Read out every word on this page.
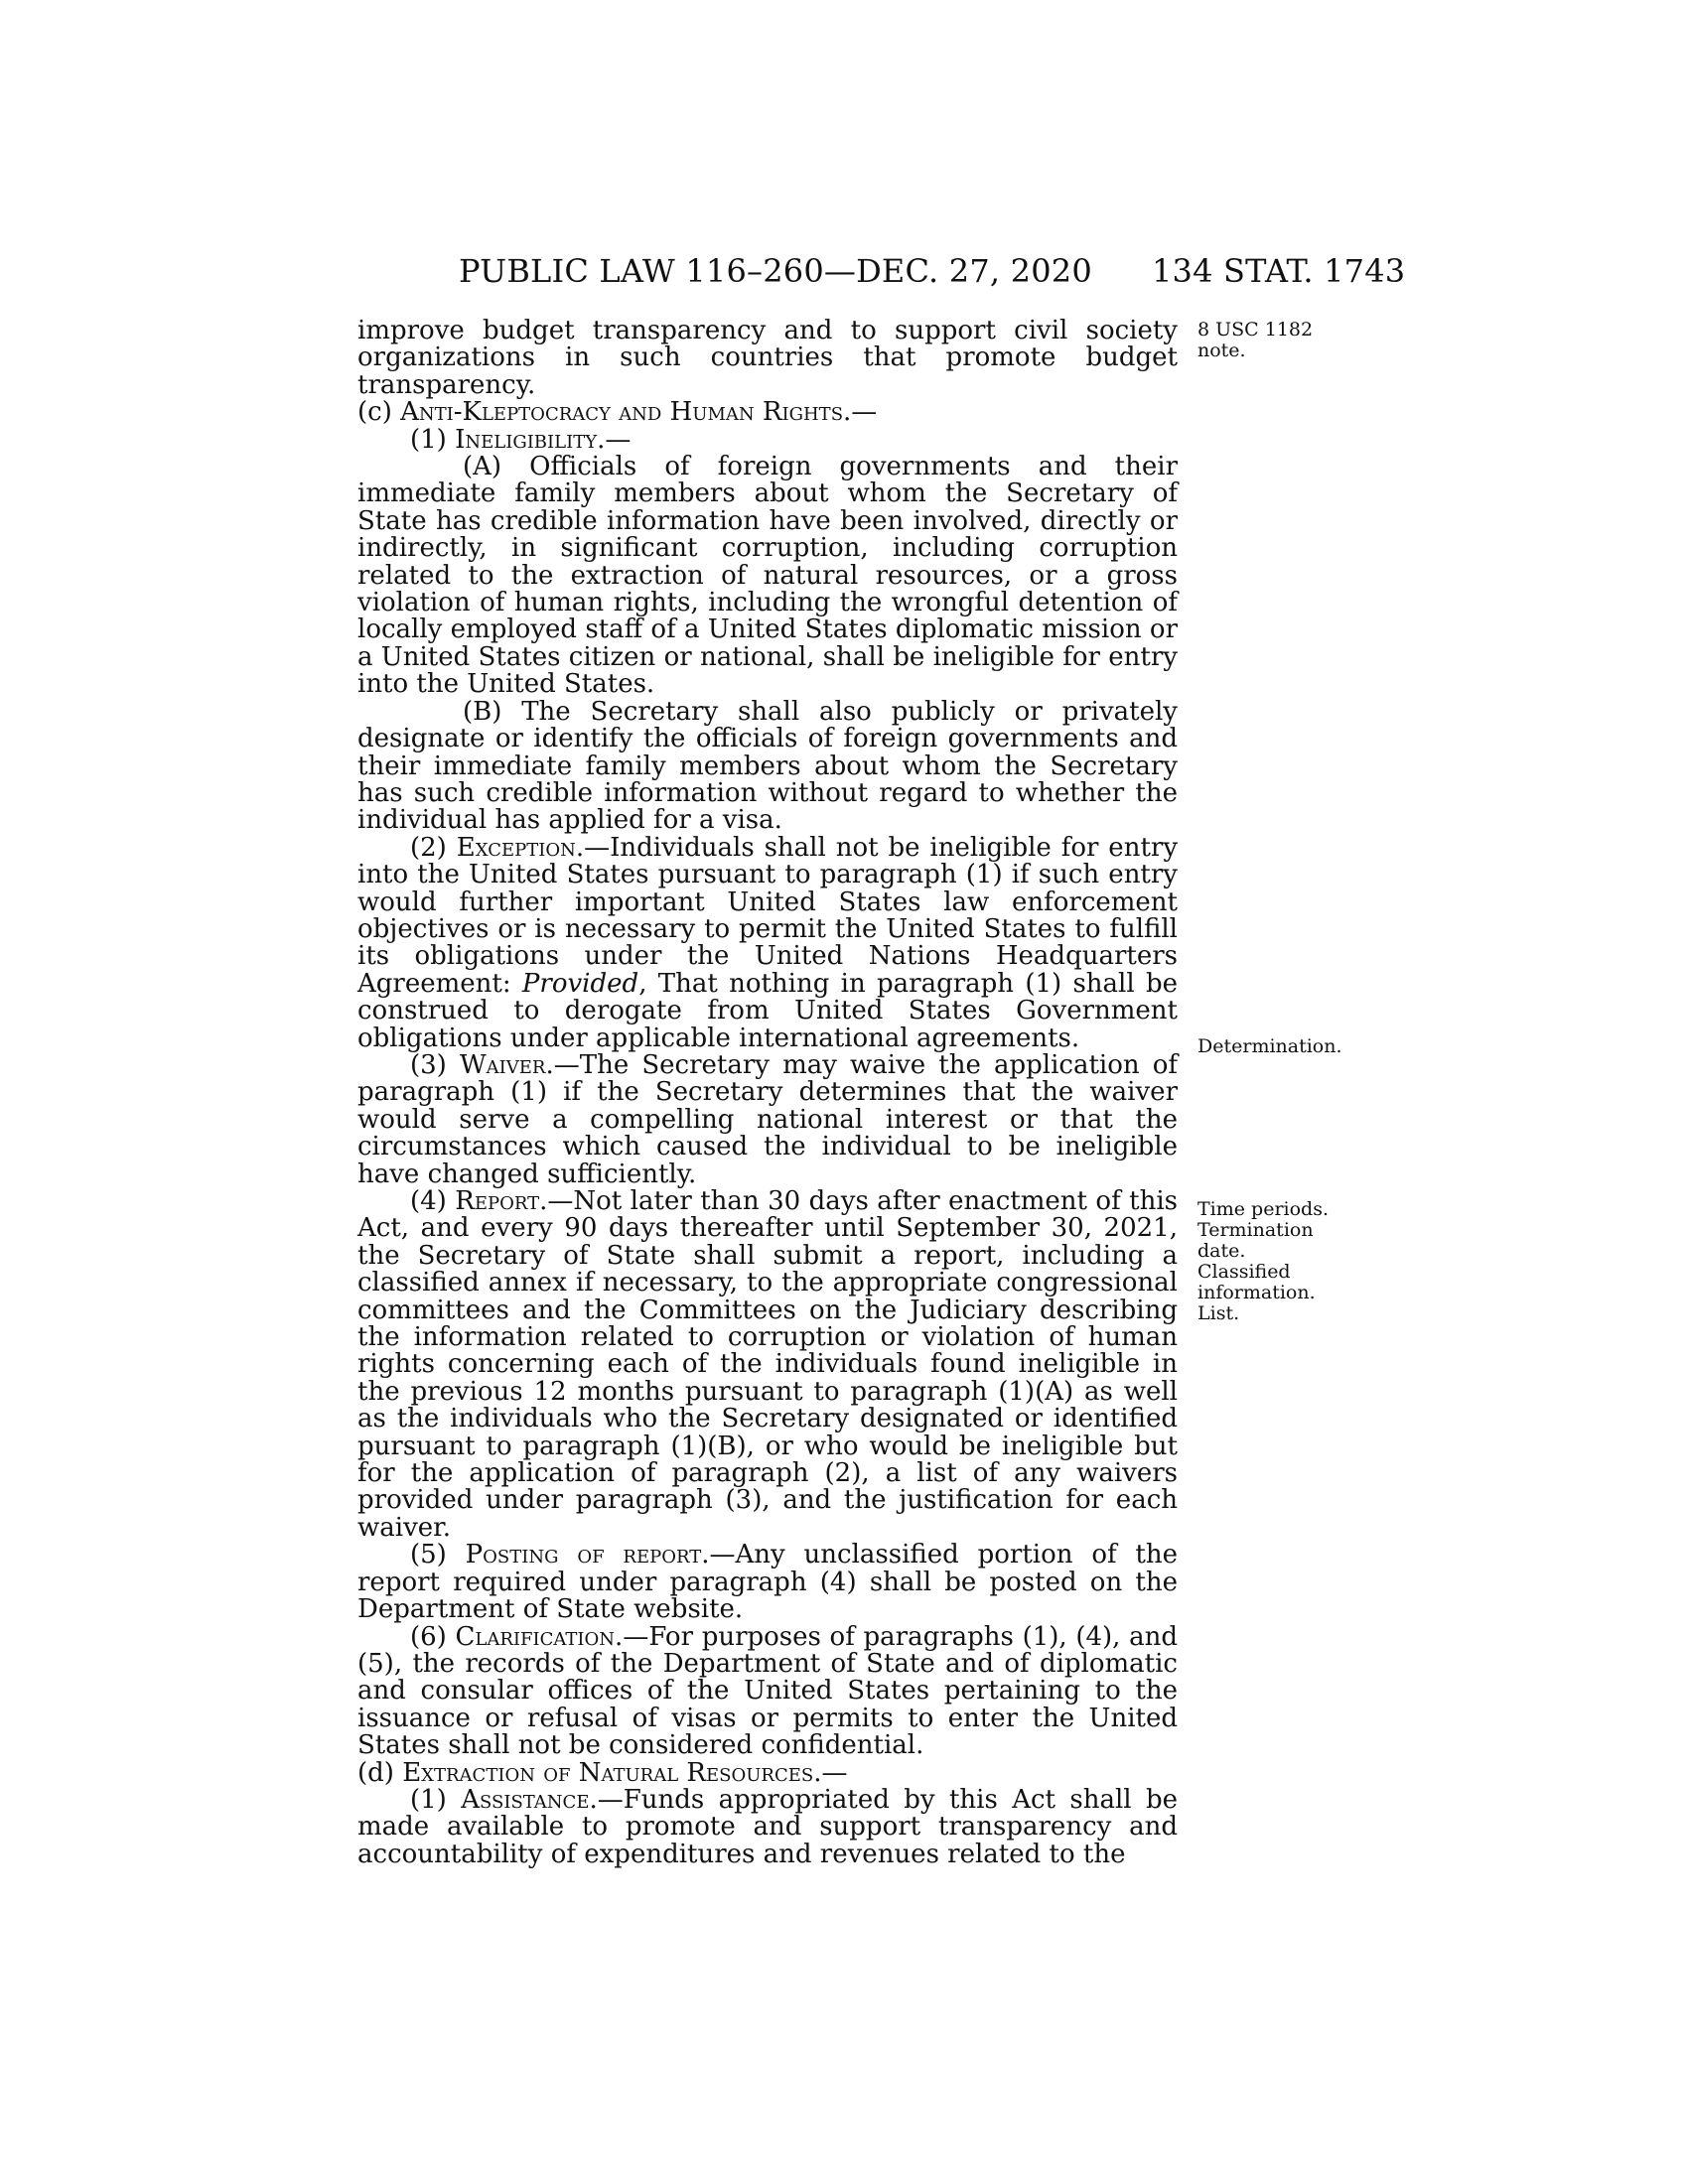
PUBLIC LAW 116–260—DEC. 27, 2020 134 STAT. 1743
8 USC 1182 note.
Determination.
Time periods.
Termination date.
Classified information.
List.

improve budget transparency and to support civil society organizations in such countries that promote budget transparency.

(c) Anti-Kleptocracy and Human Rights.—

(1) Ineligibility.—

(A) Officials of foreign governments and their immediate family members about whom the Secretary of State has credible information have been involved, directly or indirectly, in significant corruption, including corruption related to the extraction of natural resources, or a gross violation of human rights, including the wrongful detention of locally employed staff of a United States diplomatic mission or a United States citizen or national, shall be ineligible for entry into the United States.

(B) The Secretary shall also publicly or privately designate or identify the officials of foreign governments and their immediate family members about whom the Secretary has such credible information without regard to whether the individual has applied for a visa.

(2) Exception.—Individuals shall not be ineligible for entry into the United States pursuant to paragraph (1) if such entry would further important United States law enforcement objectives or is necessary to permit the United States to fulfill its obligations under the United Nations Headquarters Agreement: Provided, That nothing in paragraph (1) shall be construed to derogate from United States Government obligations under applicable international agreements.

(3) Waiver.—The Secretary may waive the application of paragraph (1) if the Secretary determines that the waiver would serve a compelling national interest or that the circumstances which caused the individual to be ineligible have changed sufficiently.

(4) Report.—Not later than 30 days after enactment of this Act, and every 90 days thereafter until September 30, 2021, the Secretary of State shall submit a report, including a classified annex if necessary, to the appropriate congressional committees and the Committees on the Judiciary describing the information related to corruption or violation of human rights concerning each of the individuals found ineligible in the previous 12 months pursuant to paragraph (1)(A) as well as the individuals who the Secretary designated or identified pursuant to paragraph (1)(B), or who would be ineligible but for the application of paragraph (2), a list of any waivers provided under paragraph (3), and the justification for each waiver.

(5) Posting of report.—Any unclassified portion of the report required under paragraph (4) shall be posted on the Department of State website.

(6) Clarification.—For purposes of paragraphs (1), (4), and (5), the records of the Department of State and of diplomatic and consular offices of the United States pertaining to the issuance or refusal of visas or permits to enter the United States shall not be considered confidential.

(d) Extraction of Natural Resources.—

(1) Assistance.—Funds appropriated by this Act shall be made available to promote and support transparency and accountability of expenditures and revenues related to the
